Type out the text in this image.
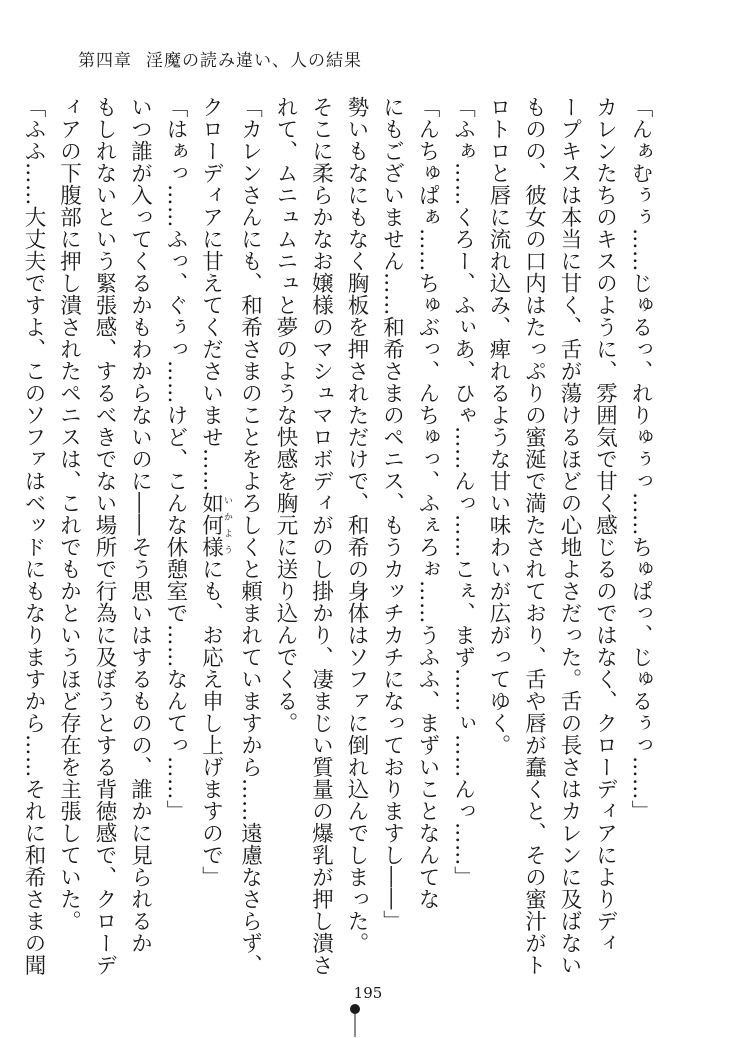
第四章 淫魔の読み違い、人の結果

「んぁむぅぅ……じゅるっ、れりゅぅっ……ちゅぱっ、じゅるぅっ……」

カレンたちのキスのように、雰囲気で甘く感じるのではなく、クローディアによりディ

ープキスは本当に甘く、舌が蕩けるほどの心地よさだった。舌の長さはカレンに及ばない

ものの、彼女の口内はたっぷりの蜜涎で満たされており、舌や唇が蠢くと、その蜜汁がト

ロトロと唇に流れ込み、痺れるような甘い味わいが広がってゆく。

「ふぁ……くろー、ふぃあ、ひゃ……んっ……こぇ、まず……ぃ……んっ……」

「んちゅぱぁ……ちゅぶっ、んちゅっ、ふぇろぉ……うふふ、まずいことなんてな

にもございません……和希さまのペニス、もうカッチカチになっておりますし――」

勢いもなにもなく胸板を押されただけで、和希の身体はソファに倒れ込んでしまった。

そこに柔らかなお嬢様のマシュマロボディがのし掛かり、凄まじい質量の爆乳が押し潰さ

れて、ムニュムニュと夢のような快感を胸元に送り込んでくる。

「カレンさんにも、和希さまのことをよろしくと頼まれていますから……遠慮なさらず、

クローディアに甘えてくださいませ……如何様いかようにも、お応え申し上げますので」

「はぁっ……ふっ、ぐぅっ……けど、こんな休憩室で……なんてっ……」

いつ誰が入ってくるかもわからないのに――そう思いはするものの、誰かに見られるか

もしれないという緊張感、するべきでない場所で行為に及ぼうとする背徳感で、クローデ

ィアの下腹部に押し潰されたペニスは、これでもかというほど存在を主張していた。

「ふふ……大丈夫ですよ、このソファはベッドにもなりますから……それに和希さまの聞

195
